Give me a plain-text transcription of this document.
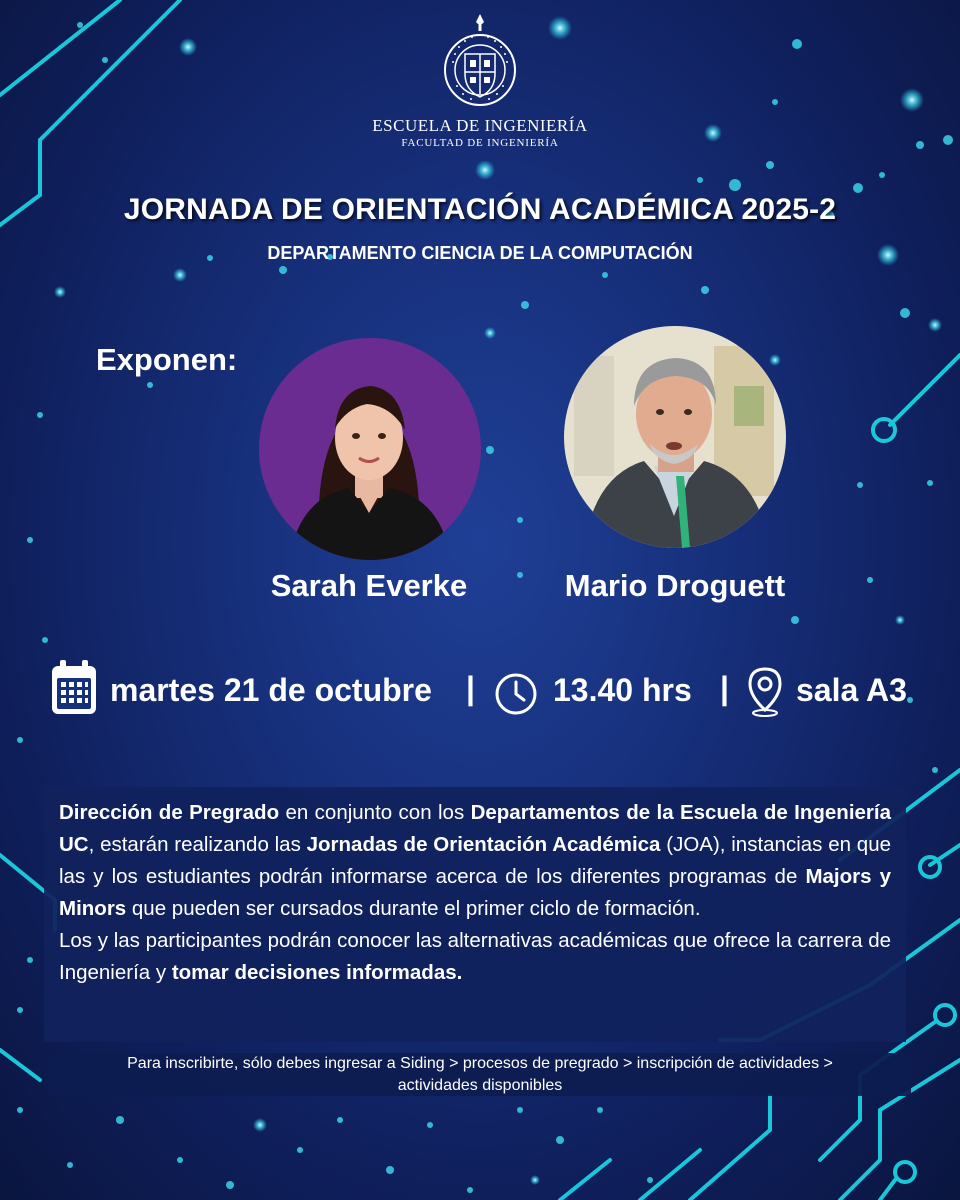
ESCUELA DE INGENIERÍA
FACULTAD DE INGENIERÍA
JORNADA DE ORIENTACIÓN ACADÉMICA 2025-2
DEPARTAMENTO CIENCIA DE LA COMPUTACIÓN
Exponen:
Sarah Everke	Mario Droguett
martes 21 de octubre | 13.40 hrs | sala A3

Dirección de Pregrado en conjunto con los Departamentos de la Escuela de Ingeniería UC, estarán realizando las Jornadas de Orientación Académica (JOA), instancias en que las y los estudiantes podrán informarse acerca de los diferentes programas de Majors y Minors que pueden ser cursados durante el primer ciclo de formación.

Los y las participantes podrán conocer las alternativas académicas que ofrece la carrera de Ingeniería y tomar decisiones informadas.

Para inscribirte, sólo debes ingresar a Siding > procesos de pregrado > inscripción de actividades >
actividades disponibles
